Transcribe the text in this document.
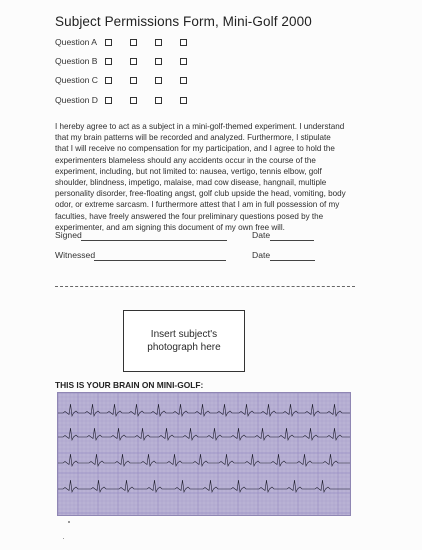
Subject Permissions Form, Mini-Golf 2000
Question A
Question B
Question C
Question D
I hereby agree to act as a subject in a mini-golf-themed experiment. I understand
that my brain patterns will be recorded and analyzed. Furthermore, I stipulate
that I will receive no compensation for my participation, and I agree to hold the
experimenters blameless should any accidents occur in the course of the
experiment, including, but not limited to: nausea, vertigo, tennis elbow, golf
shoulder, blindness, impetigo, malaise, mad cow disease, hangnail, multiple
personality disorder, free-floating angst, golf club upside the head, vomiting, body
odor, or extreme sarcasm. I furthermore attest that I am in full possession of my
faculties, have freely answered the four preliminary questions posed by the
experimenter, and am signing this document of my own free will.
Signed	Date
Witnessed	Date
Insert subject's
photograph here
THIS IS YOUR BRAIN ON MINI-GOLF:
